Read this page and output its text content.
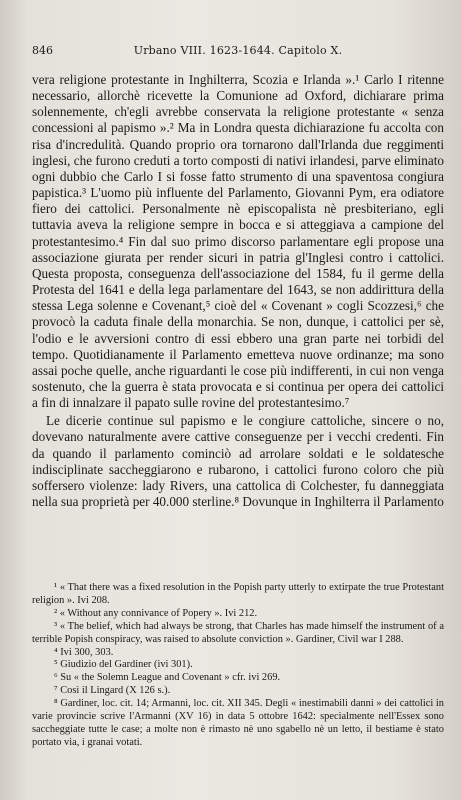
846	Urbano VIII. 1623-1644. Capitolo X.

vera religione protestante in Inghilterra, Scozia e Irlanda ».¹ Carlo I ritenne necessario, allorchè ricevette la Comunione ad Oxford, dichiarare prima solennemente, ch'egli avrebbe conservata la religione protestante « senza concessioni al papismo ».² Ma in Londra questa dichiarazione fu accolta con risa d'incredulità. Quando proprio ora tornarono dall'Irlanda due reggimenti inglesi, che furono creduti a torto composti di nativi irlandesi, parve eliminato ogni dubbio che Carlo I si fosse fatto strumento di una spaventosa congiura papistica.³ L'uomo più influente del Parlamento, Giovanni Pym, era odiatore fiero dei cattolici. Personalmente nè episcopalista nè presbiteriano, egli tuttavia aveva la religione sempre in bocca e si atteggiava a campione del protestantesimo.⁴ Fin dal suo primo discorso parlamentare egli propose una associazione giurata per render sicuri in patria gl'Inglesi contro i cattolici. Questa proposta, conseguenza dell'associazione del 1584, fu il germe della Protesta del 1641 e della lega parlamentare del 1643, se non addirittura della stessa Lega solenne e Covenant,⁵ cioè del « Covenant » cogli Scozzesi,⁶ che provocò la caduta finale della monarchia. Se non, dunque, i cattolici per sè, l'odio e le avversioni contro di essi ebbero una gran parte nei torbidi del tempo. Quotidianamente il Parlamento emetteva nuove ordinanze; ma sono assai poche quelle, anche riguardanti le cose più indifferenti, in cui non venga sostenuto, che la guerra è stata provocata e si continua per opera dei cattolici a fin di innalzare il papato sulle rovine del protestantesimo.⁷

Le dicerie continue sul papismo e le congiure cattoliche, sincere o no, dovevano naturalmente avere cattive conseguenze per i vecchi credenti. Fin da quando il parlamento cominciò ad arrolare soldati e le soldatesche indisciplinate saccheggiarono e rubarono, i cattolici furono coloro che più soffersero violenze: lady Rivers, una cattolica di Colchester, fu danneggiata nella sua proprietà per 40.000 sterline.⁸ Dovunque in Inghilterra il Parlamento

¹ « That there was a fixed resolution in the Popish party utterly to extirpate the true Protestant religion ». Ivi 208.

² « Without any connivance of Popery ». Ivi 212.

³ « The belief, which had always be strong, that Charles has made himself the instrument of a terrible Popish conspiracy, was raised to absolute conviction ». Gardiner, Civil war I 288.

⁴ Ivi 300, 303.

⁵ Giudizio del Gardiner (ivi 301).

⁶ Su « the Solemn League and Covenant » cfr. ivi 269.

⁷ Così il Lingard (X 126 s.).

⁸ Gardiner, loc. cit. 14; Armanni, loc. cit. XII 345. Degli « inestimabili danni » dei cattolici in varie provincie scrive l'Armanni (XV 16) in data 5 ottobre 1642: specialmente nell'Essex sono saccheggiate tutte le case; a molte non è rimasto nè uno sgabello nè un letto, il bestiame è stato portato via, i granai votati.
